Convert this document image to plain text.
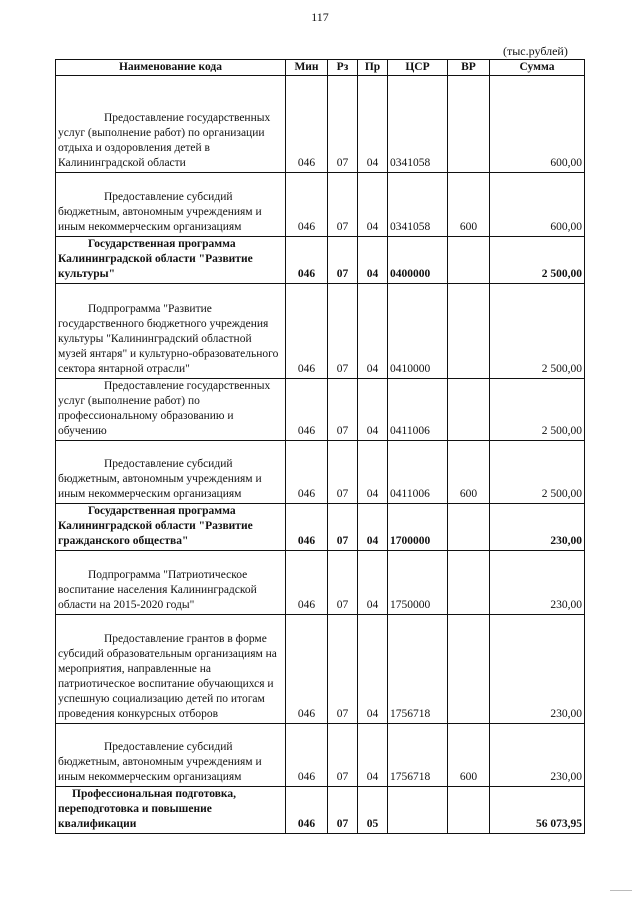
117
(тыс.рублей)
Наименование кода	Мин	Рз	Пр	ЦСР	ВР	Сумма
Предоставление государственных услуг (выполнение работ) по организации отдыха и оздоровления детей в Калининградской области	046	07	04	0341058		600,00
Предоставление субсидий бюджетным, автономным учреждениям и иным некоммерческим организациям	046	07	04	0341058	600	600,00
Государственная программа Калининградской области "Развитие культуры"	046	07	04	0400000		2 500,00
Подпрограмма "Развитие государственного бюджетного учреждения культуры "Калининградский областной музей янтаря" и культурно-образовательного сектора янтарной отрасли"	046	07	04	0410000		2 500,00
Предоставление государственных услуг (выполнение работ) по профессиональному образованию и обучению	046	07	04	0411006		2 500,00
Предоставление субсидий бюджетным, автономным учреждениям и иным некоммерческим организациям	046	07	04	0411006	600	2 500,00
Государственная программа Калининградской области "Развитие гражданского общества"	046	07	04	1700000		230,00
Подпрограмма "Патриотическое воспитание населения Калининградской области на 2015-2020 годы"	046	07	04	1750000		230,00
Предоставление грантов в форме субсидий образовательным организациям на мероприятия, направленные на патриотическое воспитание обучающихся и успешную социализацию детей по итогам проведения конкурсных отборов	046	07	04	1756718		230,00
Предоставление субсидий бюджетным, автономным учреждениям и иным некоммерческим организациям	046	07	04	1756718	600	230,00
Профессиональная подготовка, переподготовка и повышение квалификации	046	07	05			56 073,95
